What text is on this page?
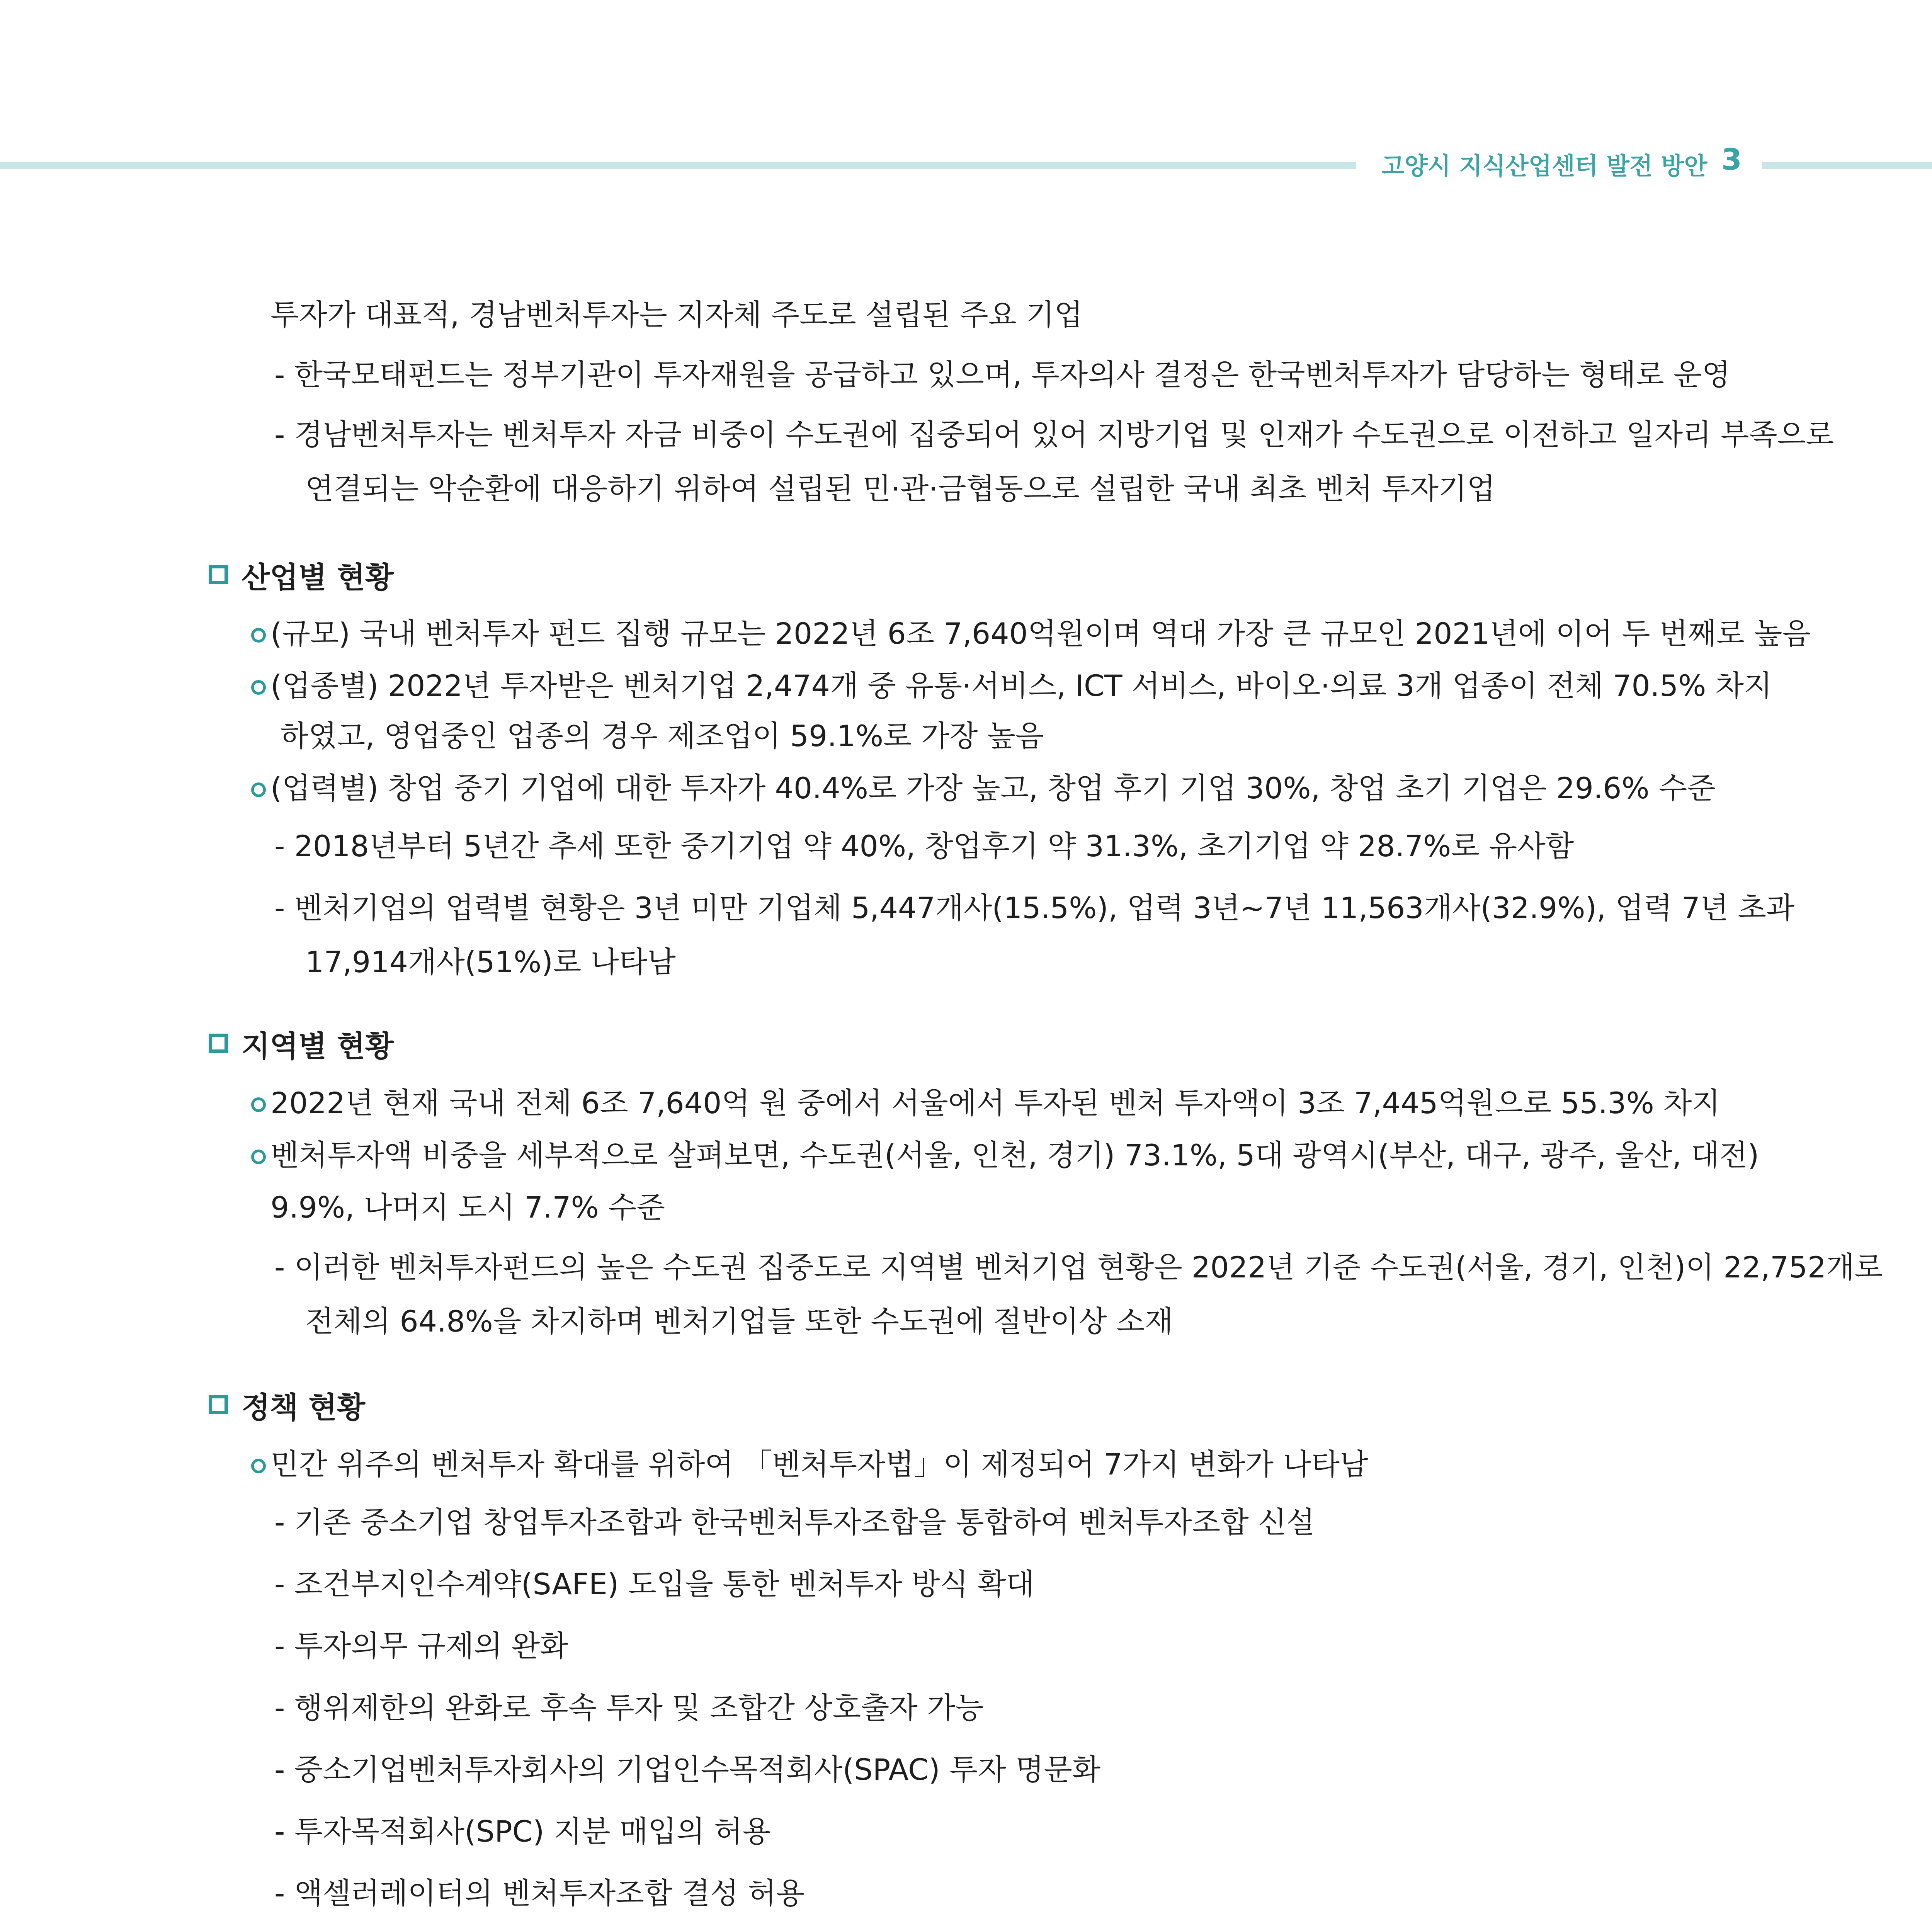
고양시 지식산업센터 발전 방안 3
투자가 대표적, 경남벤처투자는 지자체 주도로 설립된 주요 기업
- 한국모태펀드는 정부기관이 투자재원을 공급하고 있으며, 투자의사 결정은 한국벤처투자가 담당하는 형태로 운영
- 경남벤처투자는 벤처투자 자금 비중이 수도권에 집중되어 있어 지방기업 및 인재가 수도권으로 이전하고 일자리 부족으로
연결되는 악순환에 대응하기 위하여 설립된 민·관·금협동으로 설립한 국내 최초 벤처 투자기업
산업별 현황
(규모) 국내 벤처투자 펀드 집행 규모는 2022년 6조 7,640억원이며 역대 가장 큰 규모인 2021년에 이어 두 번째로 높음
(업종별) 2022년 투자받은 벤처기업 2,474개 중 유통·서비스, ICT 서비스, 바이오·의료 3개 업종이 전체 70.5% 차지
하였고, 영업중인 업종의 경우 제조업이 59.1%로 가장 높음
(업력별) 창업 중기 기업에 대한 투자가 40.4%로 가장 높고, 창업 후기 기업 30%, 창업 초기 기업은 29.6% 수준
- 2018년부터 5년간 추세 또한 중기기업 약 40%, 창업후기 약 31.3%, 초기기업 약 28.7%로 유사함
- 벤처기업의 업력별 현황은 3년 미만 기업체 5,447개사(15.5%), 업력 3년~7년 11,563개사(32.9%), 업력 7년 초과
17,914개사(51%)로 나타남
지역별 현황
2022년 현재 국내 전체 6조 7,640억 원 중에서 서울에서 투자된 벤처 투자액이 3조 7,445억원으로 55.3% 차지
벤처투자액 비중을 세부적으로 살펴보면, 수도권(서울, 인천, 경기) 73.1%, 5대 광역시(부산, 대구, 광주, 울산, 대전)
9.9%, 나머지 도시 7.7% 수준
- 이러한 벤처투자펀드의 높은 수도권 집중도로 지역별 벤처기업 현황은 2022년 기준 수도권(서울, 경기, 인천)이 22,752개로
전체의 64.8%을 차지하며 벤처기업들 또한 수도권에 절반이상 소재
정책 현황
민간 위주의 벤처투자 확대를 위하여 「벤처투자법」이 제정되어 7가지 변화가 나타남
- 기존 중소기업 창업투자조합과 한국벤처투자조합을 통합하여 벤처투자조합 신설
- 조건부지인수계약(SAFE) 도입을 통한 벤처투자 방식 확대
- 투자의무 규제의 완화
- 행위제한의 완화로 후속 투자 및 조합간 상호출자 가능
- 중소기업벤처투자회사의 기업인수목적회사(SPAC) 투자 명문화
- 투자목적회사(SPC) 지분 매입의 허용
- 액셀러레이터의 벤처투자조합 결성 허용
